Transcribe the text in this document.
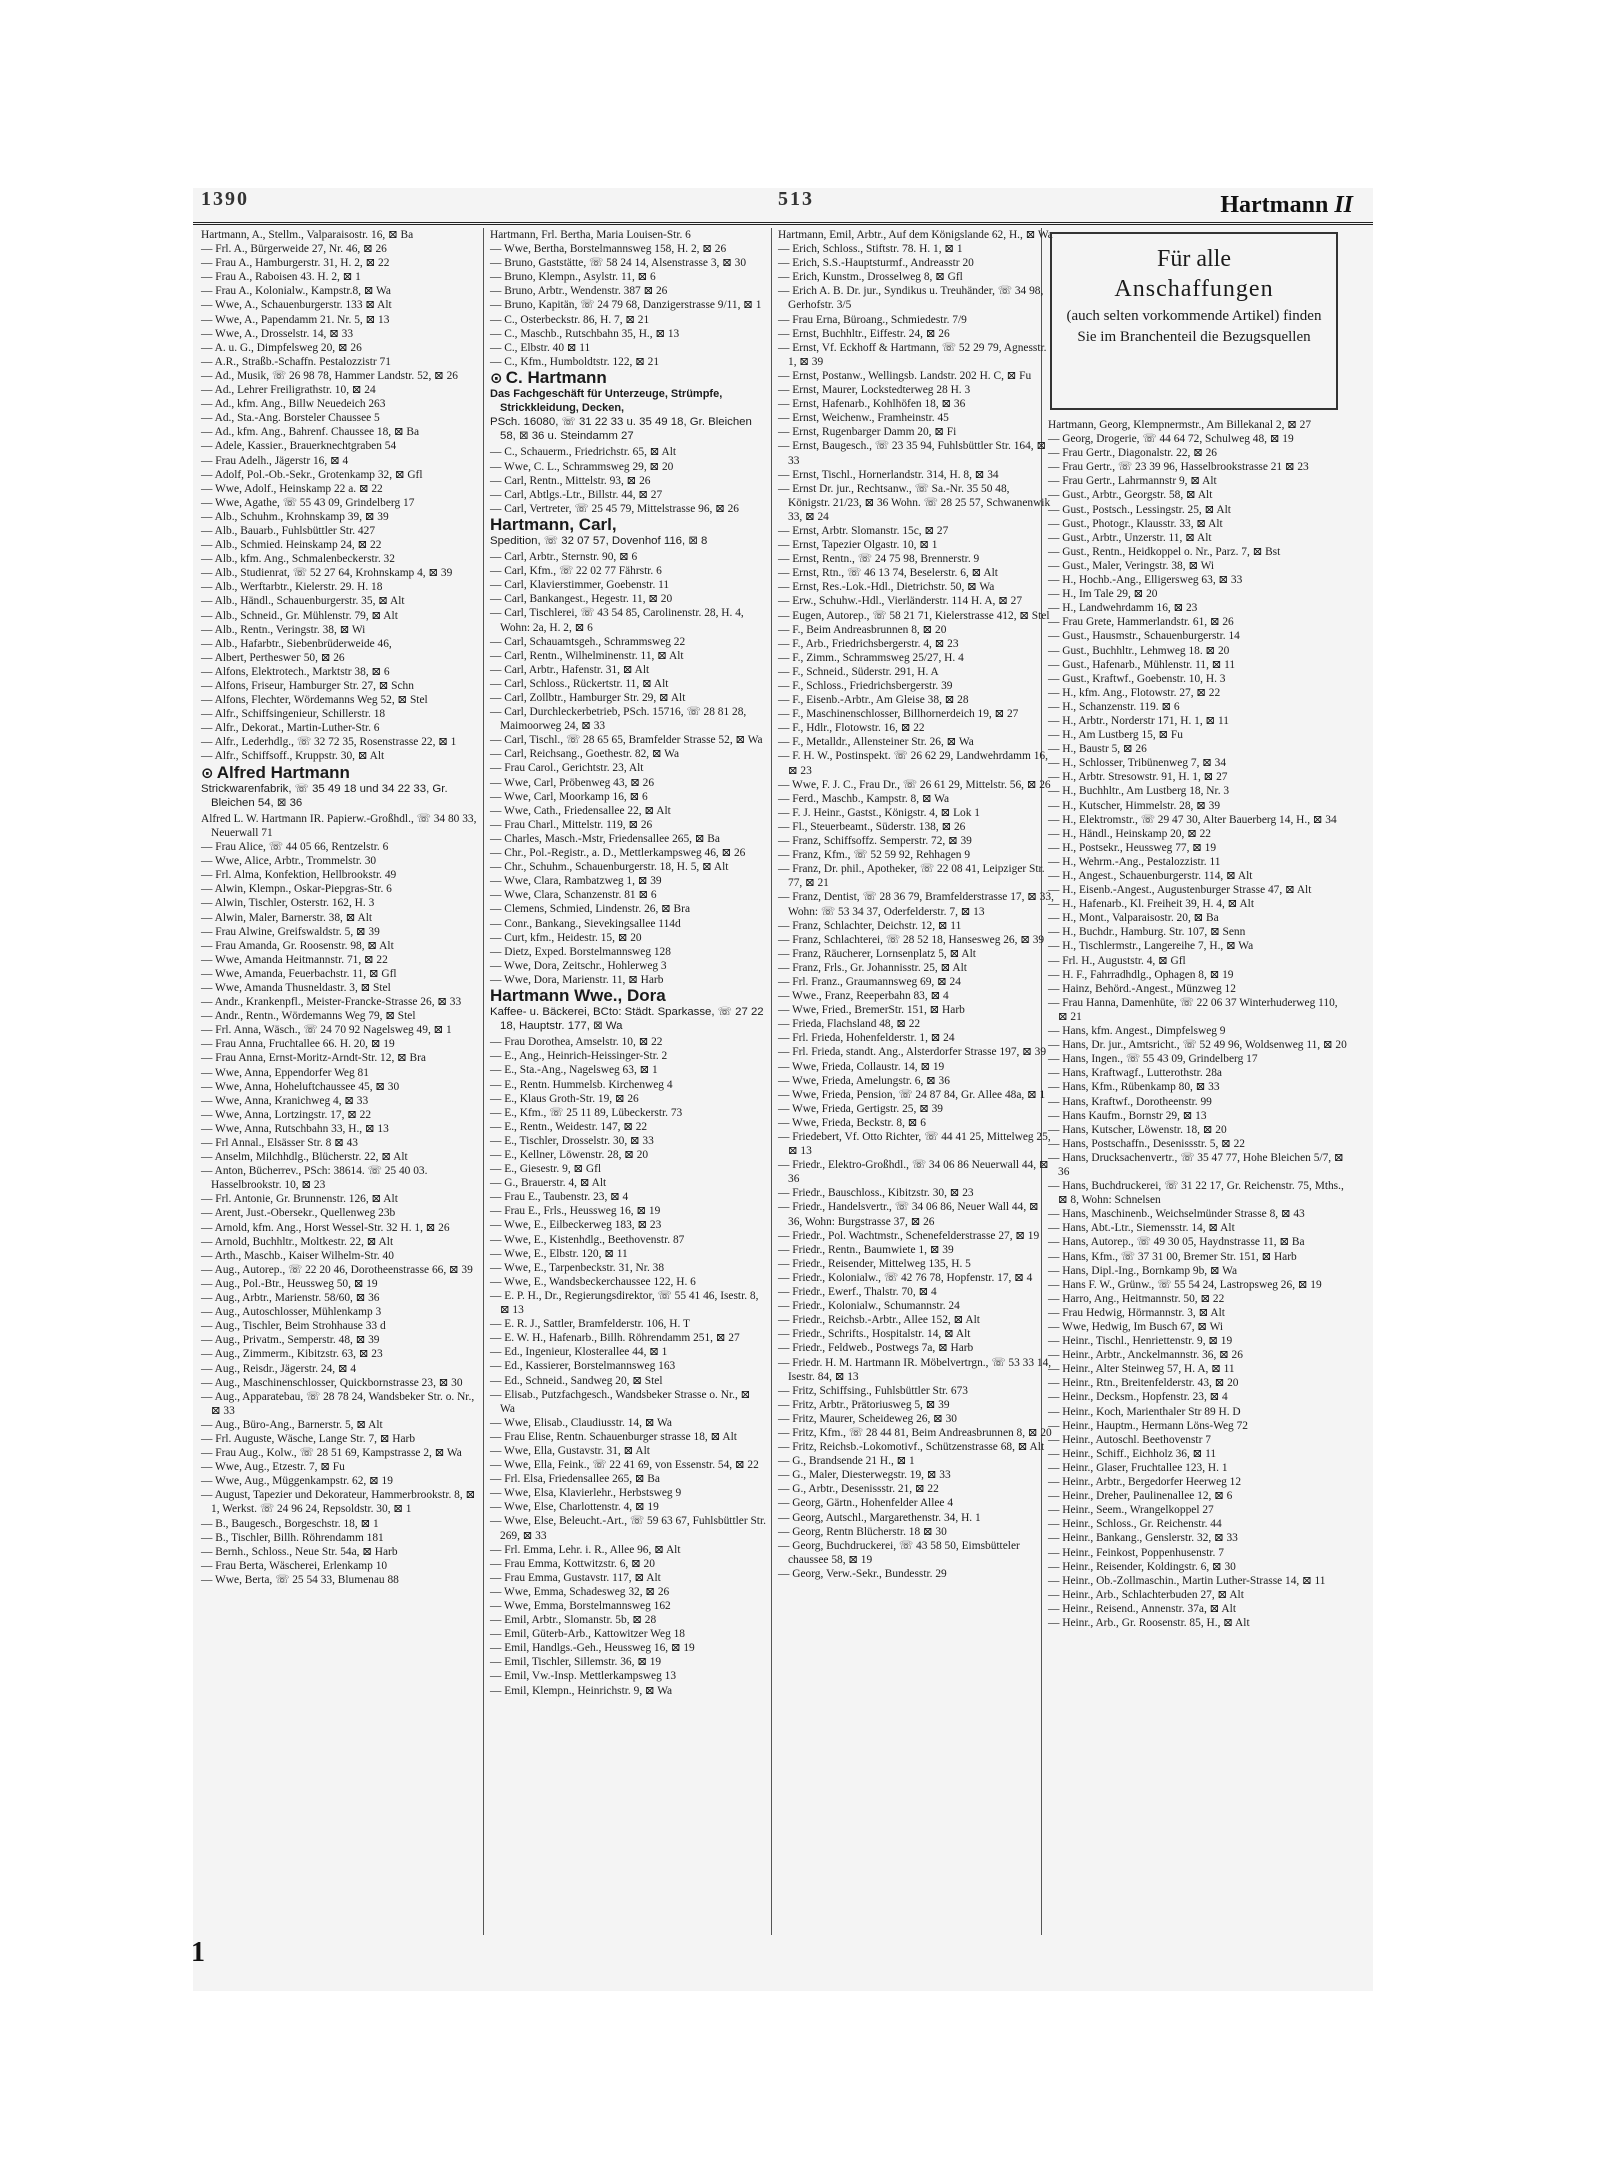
1390	513	Hartmann II

Hartmann, A., Stellm., Valparaisostr. 16, ⊠ Ba

— Frl. A., Bürgerweide 27, Nr. 46, ⊠ 26

— Frau A., Hamburgerstr. 31, H. 2, ⊠ 22

— Frau A., Raboisen 43. H. 2, ⊠ 1

— Frau A., Kolonialw., Kampstr.8, ⊠ Wa

— Wwe, A., Schauenburgerstr. 133 ⊠ Alt

— Wwe, A., Papendamm 21. Nr. 5, ⊠ 13

— Wwe, A., Drosselstr. 14, ⊠ 33

— A. u. G., Dimpfelsweg 20, ⊠ 26

— A.R., Straßb.-Schaffn. Pestalozzistr 71

— Ad., Musik, ☏ 26 98 78, Hammer Landstr. 52, ⊠ 26

— Ad., Lehrer Freiligrathstr. 10, ⊠ 24

— Ad., kfm. Ang., Billw Neuedeich 263

— Ad., Sta.-Ang. Borsteler Chaussee 5

— Ad., kfm. Ang., Bahrenf. Chaussee 18, ⊠ Ba

— Adele, Kassier., Brauerknechtgraben 54

— Frau Adelh., Jägerstr 16, ⊠ 4

— Adolf, Pol.-Ob.-Sekr., Grotenkamp 32, ⊠ Gfl

— Wwe, Adolf., Heinskamp 22 a. ⊠ 22

— Wwe, Agathe, ☏ 55 43 09, Grindelberg 17

— Alb., Schuhm., Krohnskamp 39, ⊠ 39

— Alb., Bauarb., Fuhlsbüttler Str. 427

— Alb., Schmied. Heinskamp 24, ⊠ 22

— Alb., kfm. Ang., Schmalenbeckerstr. 32

— Alb., Studienrat, ☏ 52 27 64, Krohnskamp 4, ⊠ 39

— Alb., Werftarbtr., Kielerstr. 29. H. 18

— Alb., Händl., Schauenburgerstr. 35, ⊠ Alt

— Alb., Schneid., Gr. Mühlenstr. 79, ⊠ Alt

— Alb., Rentn., Veringstr. 38, ⊠ Wi

— Alb., Hafarbtr., Siebenbrüderweide 46,

— Albert, Pertheswег 50, ⊠ 26

— Alfons, Elektrotech., Marktstr 38, ⊠ 6

— Alfons, Friseur, Hamburger Str. 27, ⊠ Schn

— Alfons, Flechter, Wördemanns Weg 52, ⊠ Stel

— Alfr., Schiffsingenieur, Schillerstr. 18

— Alfr., Dekorat., Martin-Luther-Str. 6

— Alfr., Lederhdlg., ☏ 32 72 35, Rosenstrasse 22, ⊠ 1

— Alfr., Schiffsoff., Kruppstr. 30, ⊠ Alt

⊙ Alfred Hartmann
Strickwarenfabrik, ☏ 35 49 18 und 34 22 33, Gr. Bleichen 54, ⊠ 36

Alfred L. W. Hartmann IR. Papierw.-Großhdl., ☏ 34 80 33, Neuerwall 71

— Frau Alice, ☏ 44 05 66, Rentzelstr. 6

— Wwe, Alice, Arbtr., Trommelstr. 30

— Frl. Alma, Konfektion, Hellbrookstr. 49

— Alwin, Klempn., Oskar-Piepgras-Str. 6

— Alwin, Tischler, Osterstr. 162, H. 3

— Alwin, Maler, Barnerstr. 38, ⊠ Alt

— Frau Alwine, Greifswaldstr. 5, ⊠ 39

— Frau Amanda, Gr. Roosenstr. 98, ⊠ Alt

— Wwe, Amanda Heitmannstr. 71, ⊠ 22

— Wwe, Amanda, Feuerbachstr. 11, ⊠ Gfl

— Wwe, Amanda Thusneldastr. 3, ⊠ Stel

— Andr., Krankenpfl., Meister-Francke-Strasse 26, ⊠ 33

— Andr., Rentn., Wördemanns Weg 79, ⊠ Stel

— Frl. Anna, Wäsch., ☏ 24 70 92 Nagelsweg 49, ⊠ 1

— Frau Anna, Fruchtallee 66. H. 20, ⊠ 19

— Frau Anna, Ernst-Moritz-Arndt-Str. 12, ⊠ Bra

— Wwe, Anna, Eppendorfer Weg 81

— Wwe, Anna, Hoheluftchaussee 45, ⊠ 30

— Wwe, Anna, Kranichweg 4, ⊠ 33

— Wwe, Anna, Lortzingstr. 17, ⊠ 22

— Wwe, Anna, Rutschbahn 33, H., ⊠ 13

— Frl Annal., Elsässer Str. 8 ⊠ 43

— Anselm, Milchhdlg., Blücherstr. 22, ⊠ Alt

— Anton, Bücherrev., PSch: 38614. ☏ 25 40 03. Hasselbrookstr. 10, ⊠ 23

— Frl. Antonie, Gr. Brunnenstr. 126, ⊠ Alt

— Arent, Just.-Obersekr., Quellenweg 23b

— Arnold, kfm. Ang., Horst Wessel-Str. 32 H. 1, ⊠ 26

— Arnold, Buchhltr., Moltkestr. 22, ⊠ Alt

— Arth., Maschb., Kaiser Wilhelm-Str. 40

— Aug., Autorep., ☏ 22 20 46, Dorotheenstrasse 66, ⊠ 39

— Aug., Pol.-Btr., Heussweg 50, ⊠ 19

— Aug., Arbtr., Marienstr. 58/60, ⊠ 36

— Aug., Autoschlosser, Mühlenkamp 3

— Aug., Tischler, Beim Strohhause 33 d

— Aug., Privatm., Semperstr. 48, ⊠ 39

— Aug., Zimmerm., Kibitzstr. 63, ⊠ 23

— Aug., Reisdr., Jägerstr. 24, ⊠ 4

— Aug., Maschinenschlosser, Quickbornstrasse 23, ⊠ 30

— Aug., Apparatebau, ☏ 28 78 24, Wandsbeker Str. o. Nr., ⊠ 33

— Aug., Büro-Ang., Barnerstr. 5, ⊠ Alt

— Frl. Auguste, Wäsche, Lange Str. 7, ⊠ Harb

— Frau Aug., Kolw., ☏ 28 51 69, Kampstrasse 2, ⊠ Wa

— Wwe, Aug., Etzestr. 7, ⊠ Fu

— Wwe, Aug., Müggenkampstr. 62, ⊠ 19

— August, Tapezier und Dekorateur, Hammerbrookstr. 8, ⊠ 1, Werkst. ☏ 24 96 24, Repsoldstr. 30, ⊠ 1

— B., Baugesch., Borgeschstr. 18, ⊠ 1

— B., Tischler, Billh. Röhrendamm 181

— Bernh., Schloss., Neue Str. 54a, ⊠ Harb

— Frau Berta, Wäscherei, Erlenkamp 10

— Wwe, Berta, ☏ 25 54 33, Blumenau 88

Hartmann, Frl. Bertha, Maria Louisen-Str. 6

— Wwe, Bertha, Borstelmannsweg 158, H. 2, ⊠ 26

— Bruno, Gaststätte, ☏ 58 24 14, Alsenstrasse 3, ⊠ 30

— Bruno, Klempn., Asylstr. 11, ⊠ 6

— Bruno, Arbtr., Wendenstr. 387 ⊠ 26

— Bruno, Kapitän, ☏ 24 79 68, Danzigerstrasse 9/11, ⊠ 1

— C., Osterbeckstr. 86, H. 7, ⊠ 21

— C., Maschb., Rutschbahn 35, H., ⊠ 13

— C., Elbstr. 40 ⊠ 11

— C., Kfm., Humboldtstr. 122, ⊠ 21

⊙ C. Hartmann
Das Fachgeschäft für Unterzeuge, Strümpfe, Strickkleidung, Decken,
PSch. 16080, ☏ 31 22 33 u. 35 49 18, Gr. Bleichen 58, ⊠ 36 u. Steindamm 27

— C., Schauerm., Friedrichstr. 65, ⊠ Alt

— Wwe, C. L., Schrammsweg 29, ⊠ 20

— Carl, Rentn., Mittelstr. 93, ⊠ 26

— Carl, Abtlgs.-Ltr., Billstr. 44, ⊠ 27

— Carl, Vertreter, ☏ 25 45 79, Mittelstrasse 96, ⊠ 26

Hartmann, Carl,
Spedition, ☏ 32 07 57, Dovenhof 116, ⊠ 8

— Carl, Arbtr., Sternstr. 90, ⊠ 6

— Carl, Kfm., ☏ 22 02 77 Fährstr. 6

— Carl, Klavierstimmer, Goebenstr. 11

— Carl, Bankangest., Hegestr. 11, ⊠ 20

— Carl, Tischlerei, ☏ 43 54 85, Carolinenstr. 28, H. 4, Wohn: 2a, H. 2, ⊠ 6

— Carl, Schauamtsgeh., Schrammsweg 22

— Carl, Rentn., Wilhelminenstr. 11, ⊠ Alt

— Carl, Arbtr., Hafenstr. 31, ⊠ Alt

— Carl, Schloss., Rückertstr. 11, ⊠ Alt

— Carl, Zollbtr., Hamburger Str. 29, ⊠ Alt

— Carl, Durchleckerbetrieb, PSch. 15716, ☏ 28 81 28, Maimoorweg 24, ⊠ 33

— Carl, Tischl., ☏ 28 65 65, Bramfelder Strasse 52, ⊠ Wa

— Carl, Reichsang., Goethestr. 82, ⊠ Wa

— Frau Carol., Gerichtstr. 23, Alt

— Wwe, Carl, Pröbenweg 43, ⊠ 26

— Wwe, Carl, Moorkamp 16, ⊠ 6

— Wwe, Cath., Friedensallee 22, ⊠ Alt

— Frau Charl., Mittelstr. 119, ⊠ 26

— Charles, Masch.-Mstr, Friedensallee 265, ⊠ Ba

— Chr., Pol.-Registr., a. D., Mettlerkampsweg 46, ⊠ 26

— Chr., Schuhm., Schauenburgerstr. 18, H. 5, ⊠ Alt

— Wwe, Clara, Rambatzweg 1, ⊠ 39

— Wwe, Clara, Schanzenstr. 81 ⊠ 6

— Clemens, Schmied, Lindenstr. 26, ⊠ Bra

— Conr., Bankang., Sievekingsallee 114d

— Curt, kfm., Heidestr. 15, ⊠ 20

— Dietz, Exped. Borstelmannsweg 128

— Wwe, Dora, Zeitschr., Hohlerweg 3

— Wwe, Dora, Marienstr. 11, ⊠ Harb

Hartmann Wwe., Dora
Kaffee- u. Bäckerei, BCto: Städt. Sparkasse, ☏ 27 22 18, Hauptstr. 177, ⊠ Wa

— Frau Dorothea, Amselstr. 10, ⊠ 22

— E., Ang., Heinrich-Heissinger-Str. 2

— E., Sta.-Ang., Nagelsweg 63, ⊠ 1

— E., Rentn. Hummelsb. Kirchenweg 4

— E., Klaus Groth-Str. 19, ⊠ 26

— E., Kfm., ☏ 25 11 89, Lübeckerstr. 73

— E., Rentn., Weidestr. 147, ⊠ 22

— E., Tischler, Drosselstr. 30, ⊠ 33

— E., Kellner, Löwenstr. 28, ⊠ 20

— E., Giesestr. 9, ⊠ Gfl

— G., Brauerstr. 4, ⊠ Alt

— Frau E., Taubenstr. 23, ⊠ 4

— Frau E., Frls., Heussweg 16, ⊠ 19

— Wwe, E., Eilbeckerweg 183, ⊠ 23

— Wwe, E., Kistenhdlg., Beethovenstr. 87

— Wwe, E., Elbstr. 120, ⊠ 11

— Wwe, E., Tarpenbeckstr. 31, Nr. 38

— Wwe, E., Wandsbeckerchaussee 122, H. 6

— E. P. H., Dr., Regierungsdirektor, ☏ 55 41 46, Isestr. 8, ⊠ 13

— E. R. J., Sattler, Bramfelderstr. 106, H. T

— E. W. H., Hafenarb., Billh. Röhrendamm 251, ⊠ 27

— Ed., Ingenieur, Klosterallee 44, ⊠ 1

— Ed., Kassierer, Borstelmannsweg 163

— Ed., Schneid., Sandweg 20, ⊠ Stel

— Elisab., Putzfachgesch., Wandsbeker Strasse o. Nr., ⊠ Wa

— Wwe, Elisab., Claudiusstr. 14, ⊠ Wa

— Frau Elise, Rentn. Schauenburger strasse 18, ⊠ Alt

— Wwe, Ella, Gustavstr. 31, ⊠ Alt

— Wwe, Ella, Feink., ☏ 22 41 69, von Essenstr. 54, ⊠ 22

— Frl. Elsa, Friedensallee 265, ⊠ Ba

— Wwe, Elsa, Klavierlehr., Herbstsweg 9

— Wwe, Else, Charlottenstr. 4, ⊠ 19

— Wwe, Else, Beleucht.-Art., ☏ 59 63 67, Fuhlsbüttler Str. 269, ⊠ 33

— Frl. Emma, Lehr. i. R., Allee 96, ⊠ Alt

— Frau Emma, Kottwitzstr. 6, ⊠ 20

— Frau Emma, Gustavstr. 117, ⊠ Alt

— Wwe, Emma, Schadesweg 32, ⊠ 26

— Wwe, Emma, Borstelmannsweg 162

— Emil, Arbtr., Slomanstr. 5b, ⊠ 28

— Emil, Güterb-Arb., Kattowitzer Weg 18

— Emil, Handlgs.-Geh., Heussweg 16, ⊠ 19

— Emil, Tischler, Sillemstr. 36, ⊠ 19

— Emil, Vw.-Insp. Mettlerkampsweg 13

— Emil, Klempn., Heinrichstr. 9, ⊠ Wa

Hartmann, Emil, Arbtr., Auf dem Königslande 62, H., ⊠ Wa

— Erich, Schloss., Stiftstr. 78. H. 1, ⊠ 1

— Erich, S.S.-Hauptsturmf., Andreasstr 20

— Erich, Kunstm., Drosselweg 8, ⊠ Gfl

— Erich A. B. Dr. jur., Syndikus u. Treuhänder, ☏ 34 98, Gerhofstr. 3/5

— Frau Erna, Büroang., Schmiedestr. 7/9

— Ernst, Buchhltr., Eiffestr. 24, ⊠ 26

— Ernst, Vf. Eckhoff & Hartmann, ☏ 52 29 79, Agnesstr. 1, ⊠ 39

— Ernst, Postanw., Wellingsb. Landstr. 202 H. C, ⊠ Fu

— Ernst, Maurer, Lockstedterweg 28 H. 3

— Ernst, Hafenarb., Kohlhöfen 18, ⊠ 36

— Ernst, Weichenw., Framheinstr. 45

— Ernst, Rugenbarger Damm 20, ⊠ Fi

— Ernst, Baugesch., ☏ 23 35 94, Fuhlsbüttler Str. 164, ⊠ 33

— Ernst, Tischl., Hornerlandstr. 314, H. 8, ⊠ 34

— Ernst Dr. jur., Rechtsanw., ☏ Sa.-Nr. 35 50 48, Königstr. 21/23, ⊠ 36 Wohn. ☏ 28 25 57, Schwanenwik 33, ⊠ 24

— Ernst, Arbtr. Slomanstr. 15c, ⊠ 27

— Ernst, Tapezier Olgastr. 10, ⊠ 1

— Ernst, Rentn., ☏ 24 75 98, Brennerstr. 9

— Ernst, Rtn., ☏ 46 13 74, Beselerstr. 6, ⊠ Alt

— Ernst, Res.-Lok.-Hdl., Dietrichstr. 50, ⊠ Wa

— Erw., Schuhw.-Hdl., Vierländerstr. 114 H. A, ⊠ 27

— Eugen, Autorep., ☏ 58 21 71, Kielerstrasse 412, ⊠ Stel

— F., Beim Andreasbrunnen 8, ⊠ 20

— F., Arb., Friedrichsbergerstr. 4, ⊠ 23

— F., Zimm., Schrammsweg 25/27, H. 4

— F., Schneid., Süderstr. 291, H. A

— F., Schloss., Friedrichsbergerstr. 39

— F., Eisenb.-Arbtr., Am Gleise 38, ⊠ 28

— F., Maschinenschlosser, Billhornerdeich 19, ⊠ 27

— F., Hdlr., Flotowstr. 16, ⊠ 22

— F., Metalldr., Allensteiner Str. 26, ⊠ Wa

— F. H. W., Postinspekt. ☏ 26 62 29, Landwehrdamm 16, ⊠ 23

— Wwe, F. J. C., Frau Dr., ☏ 26 61 29, Mittelstr. 56, ⊠ 26

— Ferd., Maschb., Kampstr. 8, ⊠ Wa

— F. J. Heinr., Gastst., Königstr. 4, ⊠ Lok 1

— Fl., Steuerbeamt., Süderstr. 138, ⊠ 26

— Franz, Schiffsoffz. Semperstr. 72, ⊠ 39

— Franz, Kfm., ☏ 52 59 92, Rehhagen 9

— Franz, Dr. phil., Apotheker, ☏ 22 08 41, Leipziger Str. 77, ⊠ 21

— Franz, Dentist, ☏ 28 36 79, Bramfelderstrasse 17, ⊠ 33, Wohn: ☏ 53 34 37, Oderfelderstr. 7, ⊠ 13

— Franz, Schlachter, Deichstr. 12, ⊠ 11

— Franz, Schlachterei, ☏ 28 52 18, Hansesweg 26, ⊠ 39

— Franz, Räucherer, Lornsenplatz 5, ⊠ Alt

— Franz, Frls., Gr. Johannisstr. 25, ⊠ Alt

— Frl. Franz., Graumannsweg 69, ⊠ 24

— Wwe., Franz, Reeperbahn 83, ⊠ 4

— Wwe, Fried., BremerStr. 151, ⊠ Harb

— Frieda, Flachsland 48, ⊠ 22

— Frl. Frieda, Hohenfelderstr. 1, ⊠ 24

— Frl. Frieda, standt. Ang., Alsterdorfer Strasse 197, ⊠ 39

— Wwe, Frieda, Collaustr. 14, ⊠ 19

— Wwe, Frieda, Amelungstr. 6, ⊠ 36

— Wwe, Frieda, Pension, ☏ 24 87 84, Gr. Allee 48a, ⊠ 1

— Wwe, Frieda, Gertigstr. 25, ⊠ 39

— Wwe, Frieda, Beckstr. 8, ⊠ 6

— Friedebert, Vf. Otto Richter, ☏ 44 41 25, Mittelweg 25, ⊠ 13

— Friedr., Elektro-Großhdl., ☏ 34 06 86 Neuerwall 44, ⊠ 36

— Friedr., Bauschloss., Kibitzstr. 30, ⊠ 23

— Friedr., Handelsvertr., ☏ 34 06 86, Neuer Wall 44, ⊠ 36, Wohn: Burgstrasse 37, ⊠ 26

— Friedr., Pol. Wachtmstr., Schenefelderstrasse 27, ⊠ 19

— Friedr., Rentn., Baumwiete 1, ⊠ 39

— Friedr., Reisender, Mittelweg 135, H. 5

— Friedr., Kolonialw., ☏ 42 76 78, Hopfenstr. 17, ⊠ 4

— Friedr., Ewerf., Thalstr. 70, ⊠ 4

— Friedr., Kolonialw., Schumannstr. 24

— Friedr., Reichsb.-Arbtr., Allee 152, ⊠ Alt

— Friedr., Schrifts., Hospitalstr. 14, ⊠ Alt

— Friedr., Feldweb., Postwegs 7a, ⊠ Harb

— Friedr. H. M. Hartmann IR. Möbelvertrgn., ☏ 53 33 14, Isestr. 84, ⊠ 13

— Fritz, Schiffsing., Fuhlsbüttler Str. 673

— Fritz, Arbtr., Prätoriusweg 5, ⊠ 39

— Fritz, Maurer, Scheideweg 26, ⊠ 30

— Fritz, Kfm., ☏ 28 44 81, Beim Andreasbrunnen 8, ⊠ 20

— Fritz, Reichsb.-Lokomotivf., Schützenstrasse 68, ⊠ Alt

— G., Brandsende 21 H., ⊠ 1

— G., Maler, Diesterwegstr. 19, ⊠ 33

— G., Arbtr., Desenissstr. 21, ⊠ 22

— Georg, Gärtn., Hohenfelder Allee 4

— Georg, Autschl., Margarethenstr. 34, H. 1

— Georg, Rentn Blücherstr. 18 ⊠ 30

— Georg, Buchdruckerei, ☏ 43 58 50, Eimsbütteler chaussee 58, ⊠ 19

— Georg, Verw.-Sekr., Bundesstr. 29

Für alle
Anschaffungen
(auch selten vorkommende Artikel) finden Sie im Branchenteil die Bezugsquellen

Hartmann, Georg, Klempnermstr., Am Billekanal 2, ⊠ 27

— Georg, Drogerie, ☏ 44 64 72, Schulweg 48, ⊠ 19

— Frau Gertr., Diagonalstr. 22, ⊠ 26

— Frau Gertr., ☏ 23 39 96, Hasselbrookstrasse 21 ⊠ 23

— Frau Gertr., Lahrmannstr 9, ⊠ Alt

— Gust., Arbtr., Georgstr. 58, ⊠ Alt

— Gust., Postsch., Lessingstr. 25, ⊠ Alt

— Gust., Photogr., Klausstr. 33, ⊠ Alt

— Gust., Arbtr., Unzerstr. 11, ⊠ Alt

— Gust., Rentn., Heidkoppel o. Nr., Parz. 7, ⊠ Bst

— Gust., Maler, Veringstr. 38, ⊠ Wi

— H., Hochb.-Ang., Elligersweg 63, ⊠ 33

— H., Im Tale 29, ⊠ 20

— H., Landwehrdamm 16, ⊠ 23

— Frau Grete, Hammerlandstr. 61, ⊠ 26

— Gust., Hausmstr., Schauenburgerstr. 14

— Gust., Buchhltr., Lehmweg 18. ⊠ 20

— Gust., Hafenarb., Mühlenstr. 11, ⊠ 11

— Gust., Kraftwf., Goebenstr. 10, H. 3

— H., kfm. Ang., Flotowstr. 27, ⊠ 22

— H., Schanzenstr. 119. ⊠ 6

— H., Arbtr., Norderstr 171, H. 1, ⊠ 11

— H., Am Lustberg 15, ⊠ Fu

— H., Baustr 5, ⊠ 26

— H., Schlosser, Tribünenweg 7, ⊠ 34

— H., Arbtr. Stresowstr. 91, H. 1, ⊠ 27

— H., Buchhltr., Am Lustberg 18, Nr. 3

— H., Kutscher, Himmelstr. 28, ⊠ 39

— H., Elektromstr., ☏ 29 47 30, Alter Bauerberg 14, H., ⊠ 34

— H., Händl., Heinskamp 20, ⊠ 22

— H., Postsekr., Heussweg 77, ⊠ 19

— H., Wehrm.-Ang., Pestalozzistr. 11

— H., Angest., Schauenburgerstr. 114, ⊠ Alt

— H., Eisenb.-Angest., Augustenburger Strasse 47, ⊠ Alt

— H., Hafenarb., Kl. Freiheit 39, H. 4, ⊠ Alt

— H., Mont., Valparaisostr. 20, ⊠ Ba

— H., Buchdr., Hamburg. Str. 107, ⊠ Senn

— H., Tischlermstr., Langereihe 7, H., ⊠ Wa

— Frl. H., Auguststr. 4, ⊠ Gfl

— H. F., Fahrradhdlg., Ophagen 8, ⊠ 19

— Hainz, Behörd.-Angest., Münzweg 12

— Frau Hanna, Damenhüte, ☏ 22 06 37 Winterhuderweg 110, ⊠ 21

— Hans, kfm. Angest., Dimpfelsweg 9

— Hans, Dr. jur., Amtsricht., ☏ 52 49 96, Woldsenweg 11, ⊠ 20

— Hans, Ingen., ☏ 55 43 09, Grindelberg 17

— Hans, Kraftwagf., Lutterothstr. 28a

— Hans, Kfm., Rübenkamp 80, ⊠ 33

— Hans, Kraftwf., Dorotheenstr. 99

— Hans Kaufm., Bornstr 29, ⊠ 13

— Hans, Kutscher, Löwenstr. 18, ⊠ 20

— Hans, Postschaffn., Desenissstr. 5, ⊠ 22

— Hans, Drucksachenvertr., ☏ 35 47 77, Hohe Bleichen 5/7, ⊠ 36

— Hans, Buchdruckerei, ☏ 31 22 17, Gr. Reichenstr. 75, Mths., ⊠ 8, Wohn: Schnelsen

— Hans, Maschinenb., Weichselmünder Strasse 8, ⊠ 43

— Hans, Abt.-Ltr., Siemensstr. 14, ⊠ Alt

— Hans, Autorep., ☏ 49 30 05, Haydnstrasse 11, ⊠ Ba

— Hans, Kfm., ☏ 37 31 00, Bremer Str. 151, ⊠ Harb

— Hans, Dipl.-Ing., Bornkamp 9b, ⊠ Wa

— Hans F. W., Grünw., ☏ 55 54 24, Lastropsweg 26, ⊠ 19

— Harro, Ang., Heitmannstr. 50, ⊠ 22

— Frau Hedwig, Hörmannstr. 3, ⊠ Alt

— Wwe, Hedwig, Im Busch 67, ⊠ Wi

— Heinr., Tischl., Henriettenstr. 9, ⊠ 19

— Heinr., Arbtr., Anckelmannstr. 36, ⊠ 26

— Heinr., Alter Steinweg 57, H. A, ⊠ 11

— Heinr., Rtn., Breitenfelderstr. 43, ⊠ 20

— Heinr., Decksm., Hopfenstr. 23, ⊠ 4

— Heinr., Koch, Marienthaler Str 89 H. D

— Heinr., Hauptm., Hermann Löns-Weg 72

— Heinr., Autoschl. Beethovenstr 7

— Heinr., Schiff., Eichholz 36, ⊠ 11

— Heinr., Glaser, Fruchtallee 123, H. 1

— Heinr., Arbtr., Bergedorfer Heerweg 12

— Heinr., Dreher, Paulinenallee 12, ⊠ 6

— Heinr., Seem., Wrangelkoppel 27

— Heinr., Schloss., Gr. Reichenstr. 44

— Heinr., Bankang., Genslerstr. 32, ⊠ 33

— Heinr., Feinkost, Poppenhusenstr. 7

— Heinr., Reisender, Koldingstr. 6, ⊠ 30

— Heinr., Ob.-Zollmaschin., Martin Luther-Strasse 14, ⊠ 11

— Heinr., Arb., Schlachterbuden 27, ⊠ Alt

— Heinr., Reisend., Annenstr. 37a, ⊠ Alt

— Heinr., Arb., Gr. Roosenstr. 85, H., ⊠ Alt

1
